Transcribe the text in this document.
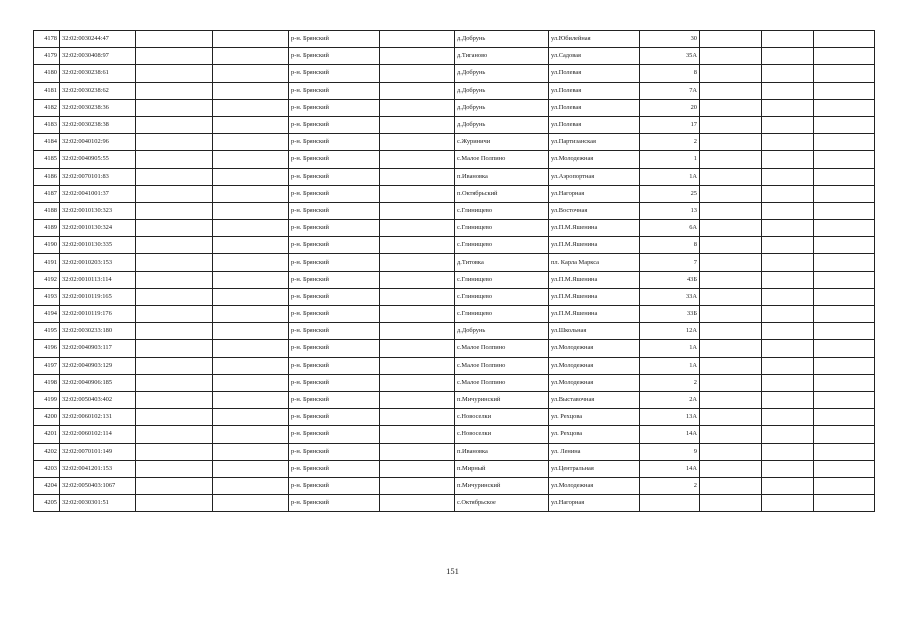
4178	32:02:0030244:47			р-н. Брянский		д.Добрунь	ул.Юбилейная	30			
4179	32:02:0030408:97			р-н. Брянский		д.Тиганово	ул.Садовая	35А			
4180	32:02:0030238:61			р-н. Брянский		д.Добрунь	ул.Полевая	8			
4181	32:02:0030238:62			р-н. Брянский		д.Добрунь	ул.Полевая	7А			
4182	32:02:0030238:36			р-н. Брянский		д.Добрунь	ул.Полевая	20			
4183	32:02:0030238:38			р-н. Брянский		д.Добрунь	ул.Полевая	17			
4184	32:02:0040102:96			р-н. Брянский		с.Журиничи	ул.Партизанская	2			
4185	32:02:0040905:55			р-н. Брянский		с.Малое Полпино	ул.Молодежная	1			
4186	32:02:0070101:83			р-н. Брянский		п.Ивановка	ул.Аэропортная	1А			
4187	32:02:0041001:37			р-н. Брянский		п.Октябрьский	ул.Нагорная	25			
4188	32:02:0010130:323			р-н. Брянский		с.Глинищево	ул.Восточная	13			
4189	32:02:0010130:324			р-н. Брянский		с.Глинищево	ул.П.М.Яшенина	6А			
4190	32:02:0010130:335			р-н. Брянский		с.Глинищево	ул.П.М.Яшенина	8			
4191	32:02:0010203:153			р-н. Брянский		д.Титовка	пл. Карла Маркса	7			
4192	32:02:0010113:114			р-н. Брянский		с.Глинищево	ул.П.М.Яшенина	43Б			
4193	32:02:0010119:165			р-н. Брянский		с.Глинищево	ул.П.М.Яшенина	33А			
4194	32:02:0010119:176			р-н. Брянский		с.Глинищево	ул.П.М.Яшенина	33Б			
4195	32:02:0030233:180			р-н. Брянский		д.Добрунь	ул.Школьная	12А			
4196	32:02:0040903:117			р-н. Брянский		с.Малое Полпино	ул.Молодежная	1А			
4197	32:02:0040903:129			р-н. Брянский		с.Малое Полпино	ул.Молодежная	1А			
4198	32:02:0040906:185			р-н. Брянский		с.Малое Полпино	ул.Молодежная	2			
4199	32:02:0050403:402			р-н. Брянский		п.Мичуринский	ул.Выставочная	2А			
4200	32:02:0060102:131			р-н. Брянский		с.Новоселки	ул. Рехцова	13А			
4201	32:02:0060102:114			р-н. Брянский		с.Новоселки	ул. Рехцова	14А			
4202	32:02:0070101:149			р-н. Брянский		п.Ивановка	ул. Ленина	9			
4203	32:02:0041201:153			р-н. Брянский		п.Мирный	ул.Центральная	14А			
4204	32:02:0050403:1067			р-н. Брянский		п.Мичуринский	ул.Молодежная	2			
4205	32:02:0030301:51			р-н. Брянский		с.Октябрьское	ул.Нагорная				
151
